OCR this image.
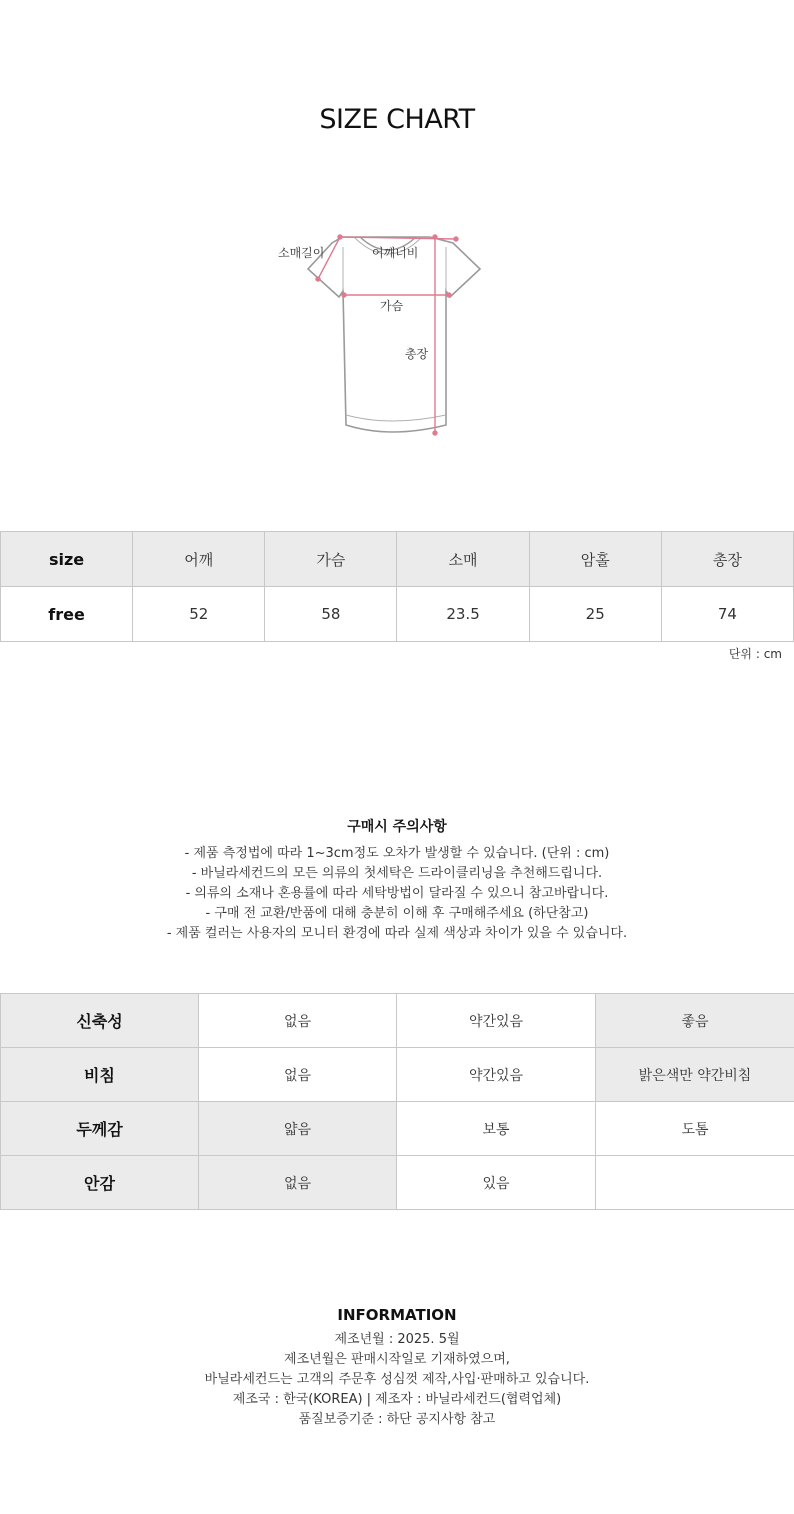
SIZE CHART
소매길이	어깨너비
가슴
총장
size	어깨	가슴	소매	암홀	총장
free	52	58	23.5	25	74
단위 : cm
구매시 주의사항

- 제품 측정법에 따라 1~3cm정도 오차가 발생할 수 있습니다. (단위 : cm)

- 바닐라세컨드의 모든 의류의 첫세탁은 드라이클리닝을 추천해드립니다.

- 의류의 소재나 혼용률에 따라 세탁방법이 달라질 수 있으니 참고바랍니다.

- 구매 전 교환/반품에 대해 충분히 이해 후 구매해주세요 (하단참고)

- 제품 컬러는 사용자의 모니터 환경에 따라 실제 색상과 차이가 있을 수 있습니다.

신축성	없음	약간있음	좋음
비침	없음	약간있음	밝은색만 약간비침
두께감	얇음	보통	도톰
안감	없음	있음	
INFORMATION

제조년월 : 2025. 5월

제조년월은 판매시작일로 기재하였으며,

바닐라세컨드는 고객의 주문후 성심껏 제작,사입·판매하고 있습니다.

제조국 : 한국(KOREA) | 제조자 : 바닐라세컨드(협력업체)

품질보증기준 : 하단 공지사항 참고
